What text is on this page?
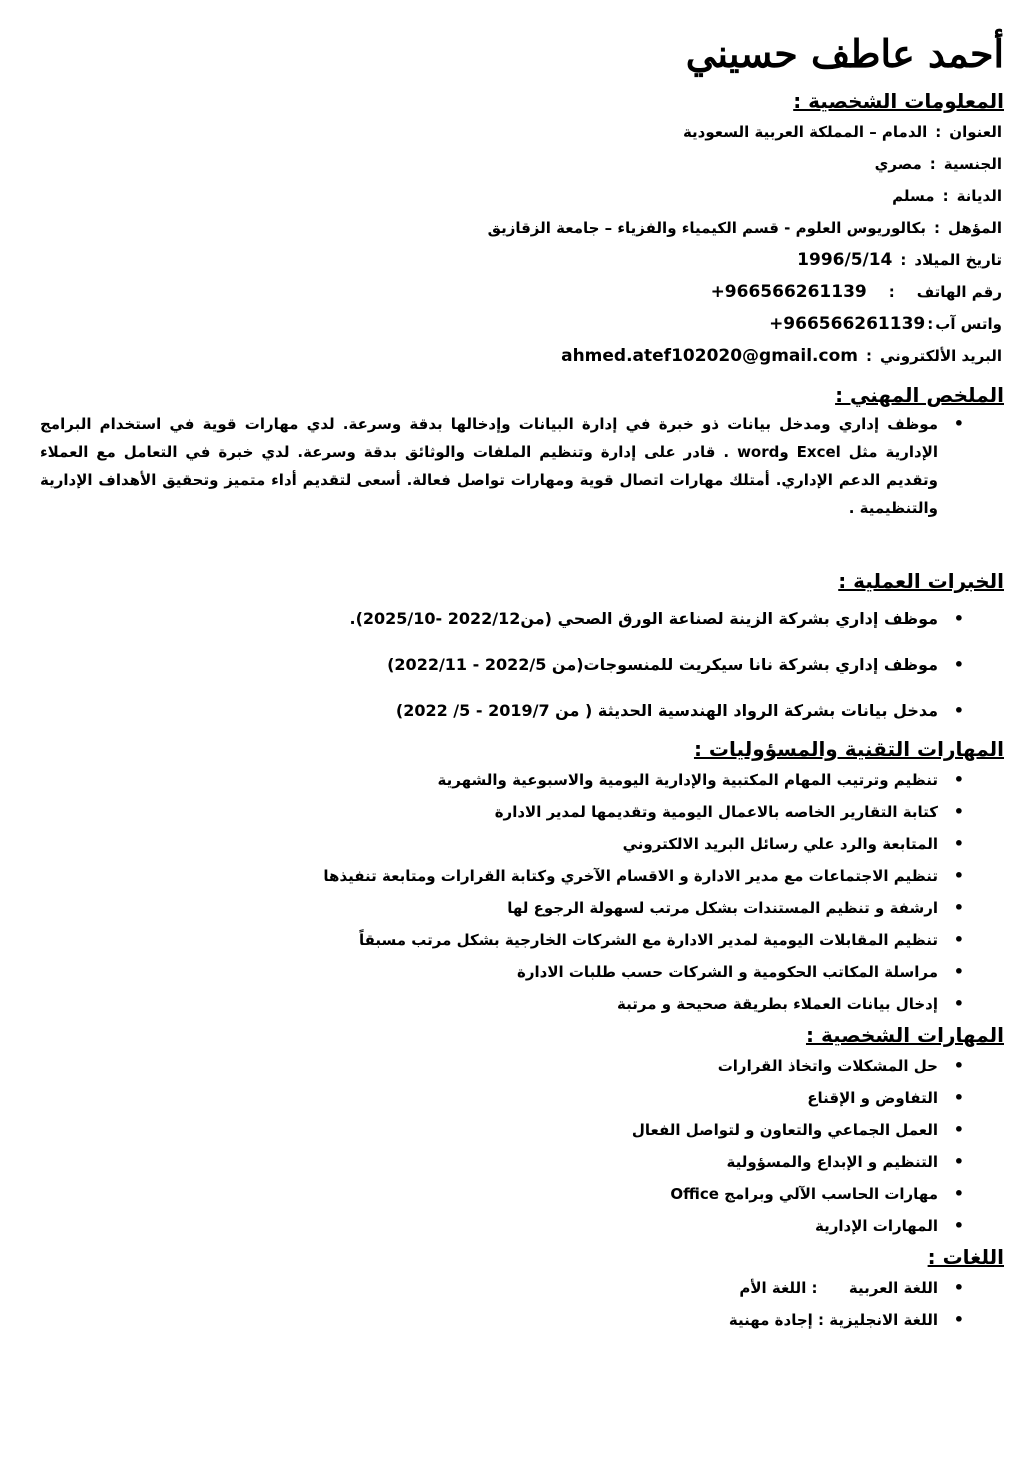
أحمد عاطف حسيني
المعلومات الشخصية :
العنوان:الدمام – المملكة العربية السعودية
الجنسية:مصري
الديانة:مسلم
المؤهل:بكالوريوس العلوم - قسم الكيمياء والفزياء – جامعة الزقازيق
تاريخ الميلاد:1996/5/14
رقم الهاتف:+966566261139
واتس آب:+966566261139
البريد الألكتروني:ahmed.atef102020@gmail.com
الملخص المهني :
• موظف إداري ومدخل بيانات ذو خبرة في إدارة البيانات وإدخالها بدقة وسرعة. لدي مهارات قوية في استخدام البرامج الإدارية مثل Excel وword . قادر على إدارة وتنظيم الملفات والوثائق بدقة وسرعة. لدي خبرة في التعامل مع العملاء وتقديم الدعم الإداري. أمتلك مهارات اتصال قوية ومهارات تواصل فعالة. أسعى لتقديم أداء متميز وتحقيق الأهداف الإدارية والتنظيمية .
الخبرات العملية :
• موظف إداري بشركة الزينة لصناعة الورق الصحي (من2022/12 -2025/10).
• موظف إداري بشركة نانا سيكريت للمنسوجات(من 2022/5 - 2022/11)
• مدخل بيانات بشركة الرواد الهندسية الحديثة ( من 2019/7 - 5/ 2022)
المهارات التقنية والمسؤوليات :
• تنظيم وترتيب المهام المكتبية والإدارية اليومية والاسبوعية والشهرية
• كتابة التقارير الخاصه بالاعمال اليومية وتقديمها لمدير الادارة
• المتابعة والرد علي رسائل البريد الالكتروني
• تنظيم الاجتماعات مع مدير الادارة و الاقسام الآخري وكتابة القرارات ومتابعة تنفيذها
• ارشفة و تنظيم المستندات بشكل مرتب لسهولة الرجوع لها
• تنظيم المقابلات اليومية لمدير الادارة مع الشركات الخارجية بشكل مرتب مسبقاً
• مراسلة المكاتب الحكومية و الشركات حسب طلبات الادارة
• إدخال بيانات العملاء بطريقة صحيحة و مرتبة
المهارات الشخصية :
• حل المشكلات واتخاذ القرارات
• التفاوض و الإقناع
• العمل الجماعي والتعاون و لتواصل الفعال
• التنظيم و الإبداع والمسؤولية
• مهارات الحاسب الآلي وبرامج Office
• المهارات الإدارية
اللغات :
• اللغة العربية      : اللغة الأم
• اللغة الانجليزية : إجادة مهنية
